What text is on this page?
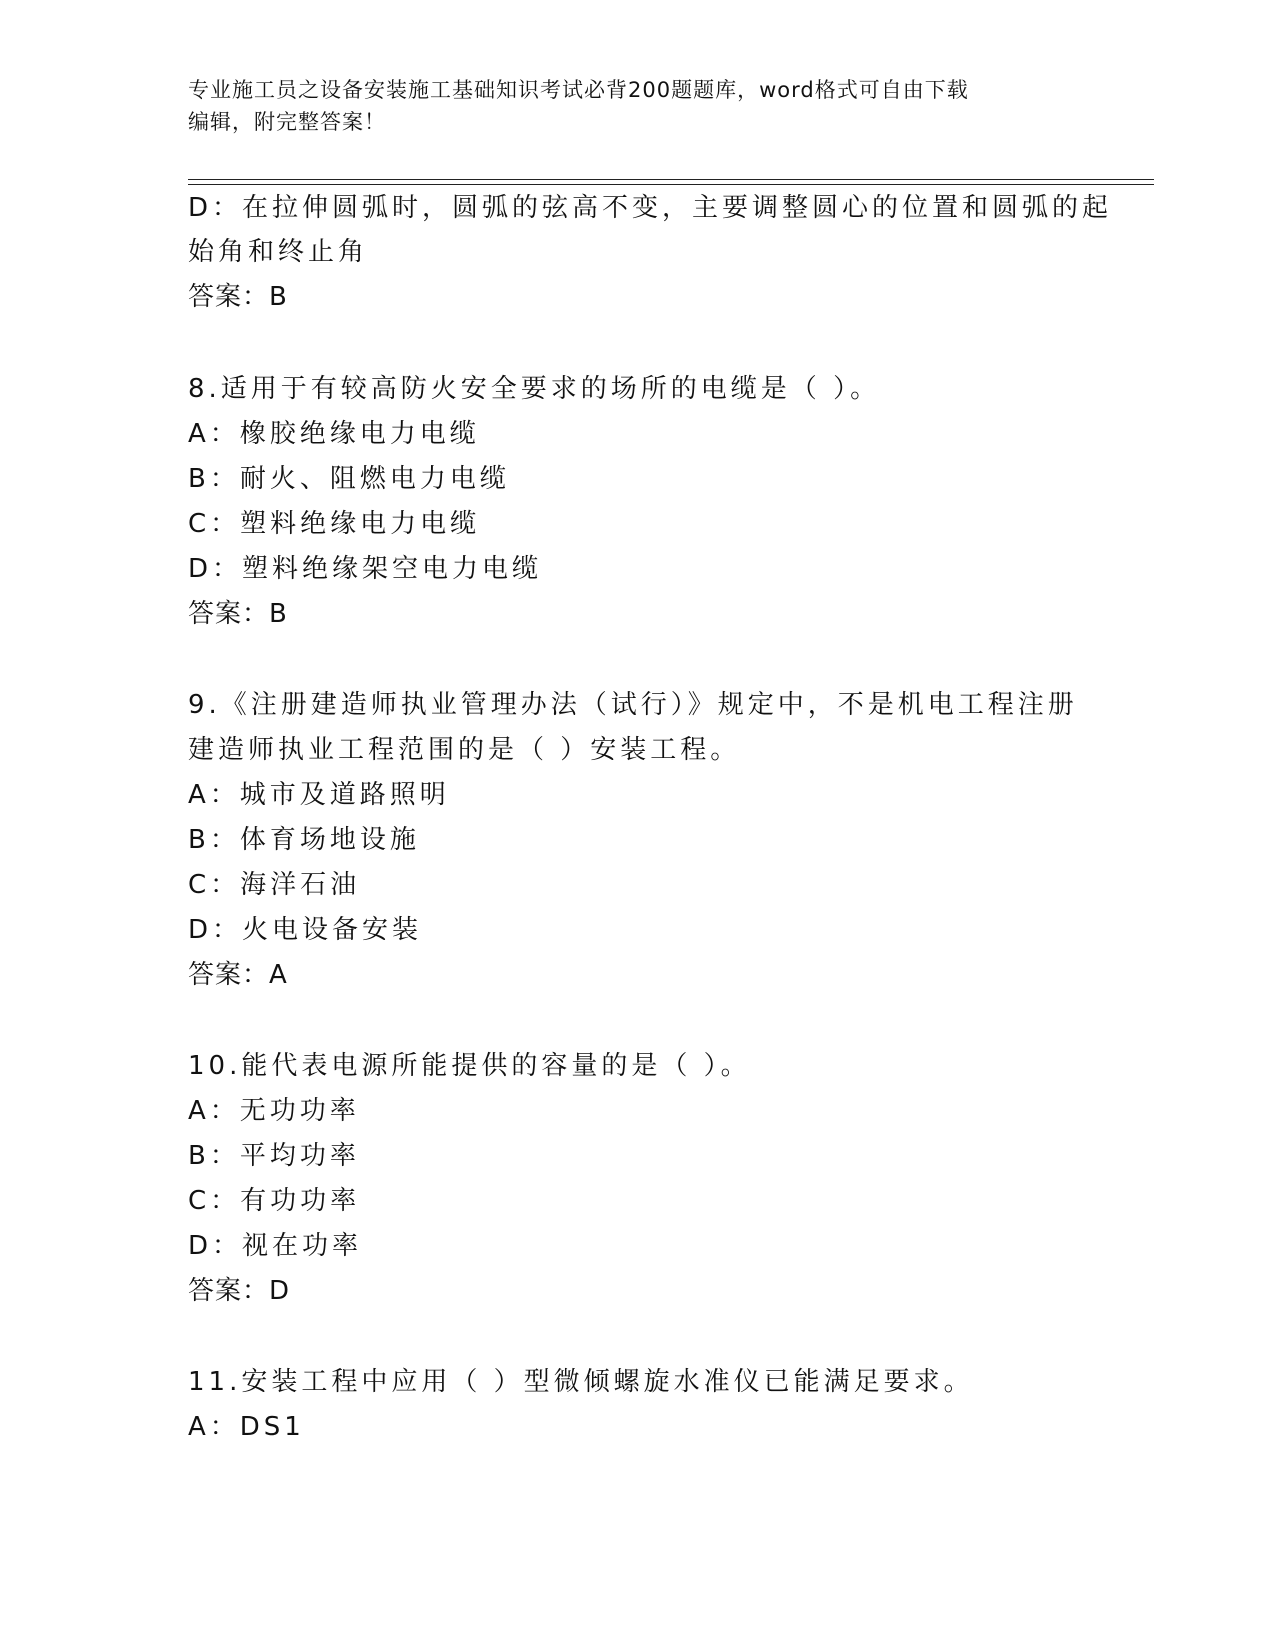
专业施工员之设备安装施工基础知识考试必背200题题库，word格式可自由下载
编辑，附完整答案！
D：在拉伸圆弧时，圆弧的弦高不变，主要调整圆心的位置和圆弧的起
始角和终止角
答案：B
8.适用于有较高防火安全要求的场所的电缆是（ ）。
A：橡胶绝缘电力电缆
B：耐火、阻燃电力电缆
C：塑料绝缘电力电缆
D：塑料绝缘架空电力电缆
答案：B
9.《注册建造师执业管理办法（试行）》规定中，不是机电工程注册
建造师执业工程范围的是（ ）安装工程。
A：城市及道路照明
B：体育场地设施
C：海洋石油
D：火电设备安装
答案：A
10.能代表电源所能提供的容量的是（ ）。
A：无功功率
B：平均功率
C：有功功率
D：视在功率
答案：D
11.安装工程中应用（ ）型微倾螺旋水准仪已能满足要求。
A：DS1
